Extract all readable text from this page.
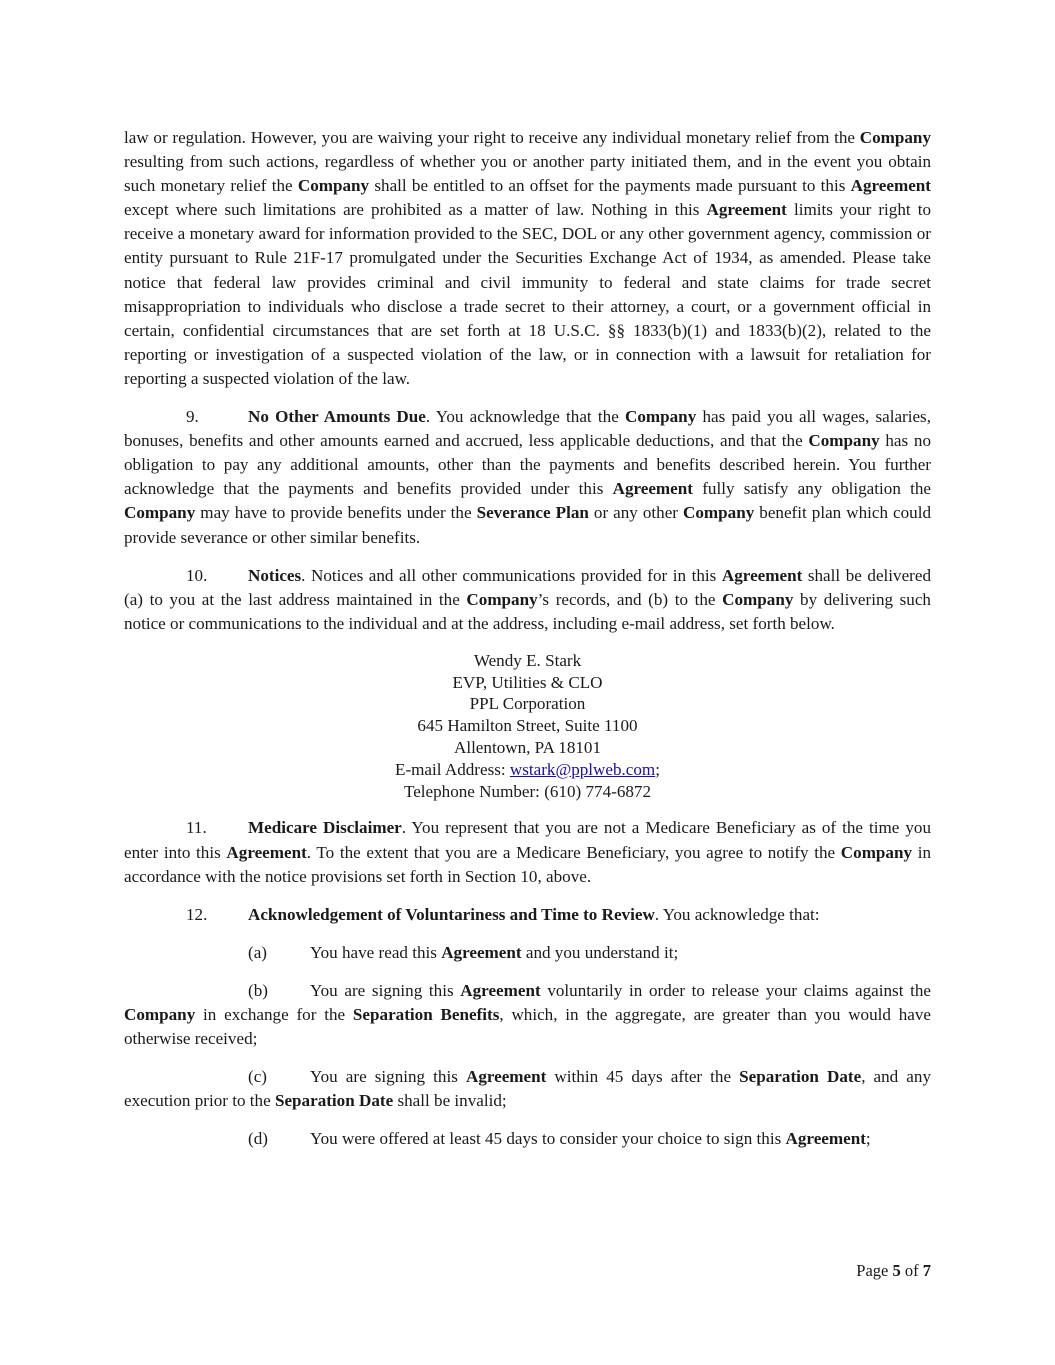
law or regulation. However, you are waiving your right to receive any individual monetary relief from the Company resulting from such actions, regardless of whether you or another party initiated them, and in the event you obtain such monetary relief the Company shall be entitled to an offset for the payments made pursuant to this Agreement except where such limitations are prohibited as a matter of law. Nothing in this Agreement limits your right to receive a monetary award for information provided to the SEC, DOL or any other government agency, commission or entity pursuant to Rule 21F-17 promulgated under the Securities Exchange Act of 1934, as amended. Please take notice that federal law provides criminal and civil immunity to federal and state claims for trade secret misappropriation to individuals who disclose a trade secret to their attorney, a court, or a government official in certain, confidential circumstances that are set forth at 18 U.S.C. §§ 1833(b)(1) and 1833(b)(2), related to the reporting or investigation of a suspected violation of the law, or in connection with a lawsuit for retaliation for reporting a suspected violation of the law.

9.	No Other Amounts Due. You acknowledge that the Company has paid you all wages, salaries, bonuses, benefits and other amounts earned and accrued, less applicable deductions, and that the Company has no obligation to pay any additional amounts, other than the payments and benefits described herein. You further acknowledge that the payments and benefits provided under this Agreement fully satisfy any obligation the Company may have to provide benefits under the Severance Plan or any other Company benefit plan which could provide severance or other similar benefits.

10. Notices. Notices and all other communications provided for in this Agreement shall be delivered (a) to you at the last address maintained in the Company’s records, and (b) to the Company by delivering such notice or communications to the individual and at the address, including e-mail address, set forth below.

Wendy E. Stark
EVP, Utilities & CLO
PPL Corporation
645 Hamilton Street, Suite 1100
Allentown, PA 18101
E-mail Address: wstark@pplweb.com;
Telephone Number: (610) 774-6872

11. Medicare Disclaimer. You represent that you are not a Medicare Beneficiary as of the time you enter into this Agreement. To the extent that you are a Medicare Beneficiary, you agree to notify the Company in accordance with the notice provisions set forth in Section 10, above.

12. Acknowledgement of Voluntariness and Time to Review. You acknowledge that:

(a)	You have read this Agreement and you understand it;

(b) You are signing this Agreement voluntarily in order to release your claims against the Company in exchange for the Separation Benefits, which, in the aggregate, are greater than you would have otherwise received;

(c)	You are signing this Agreement within 45 days after the Separation Date, and any execution prior to the Separation Date shall be invalid;

(d) You were offered at least 45 days to consider your choice to sign this Agreement;

Page 5 of 7
